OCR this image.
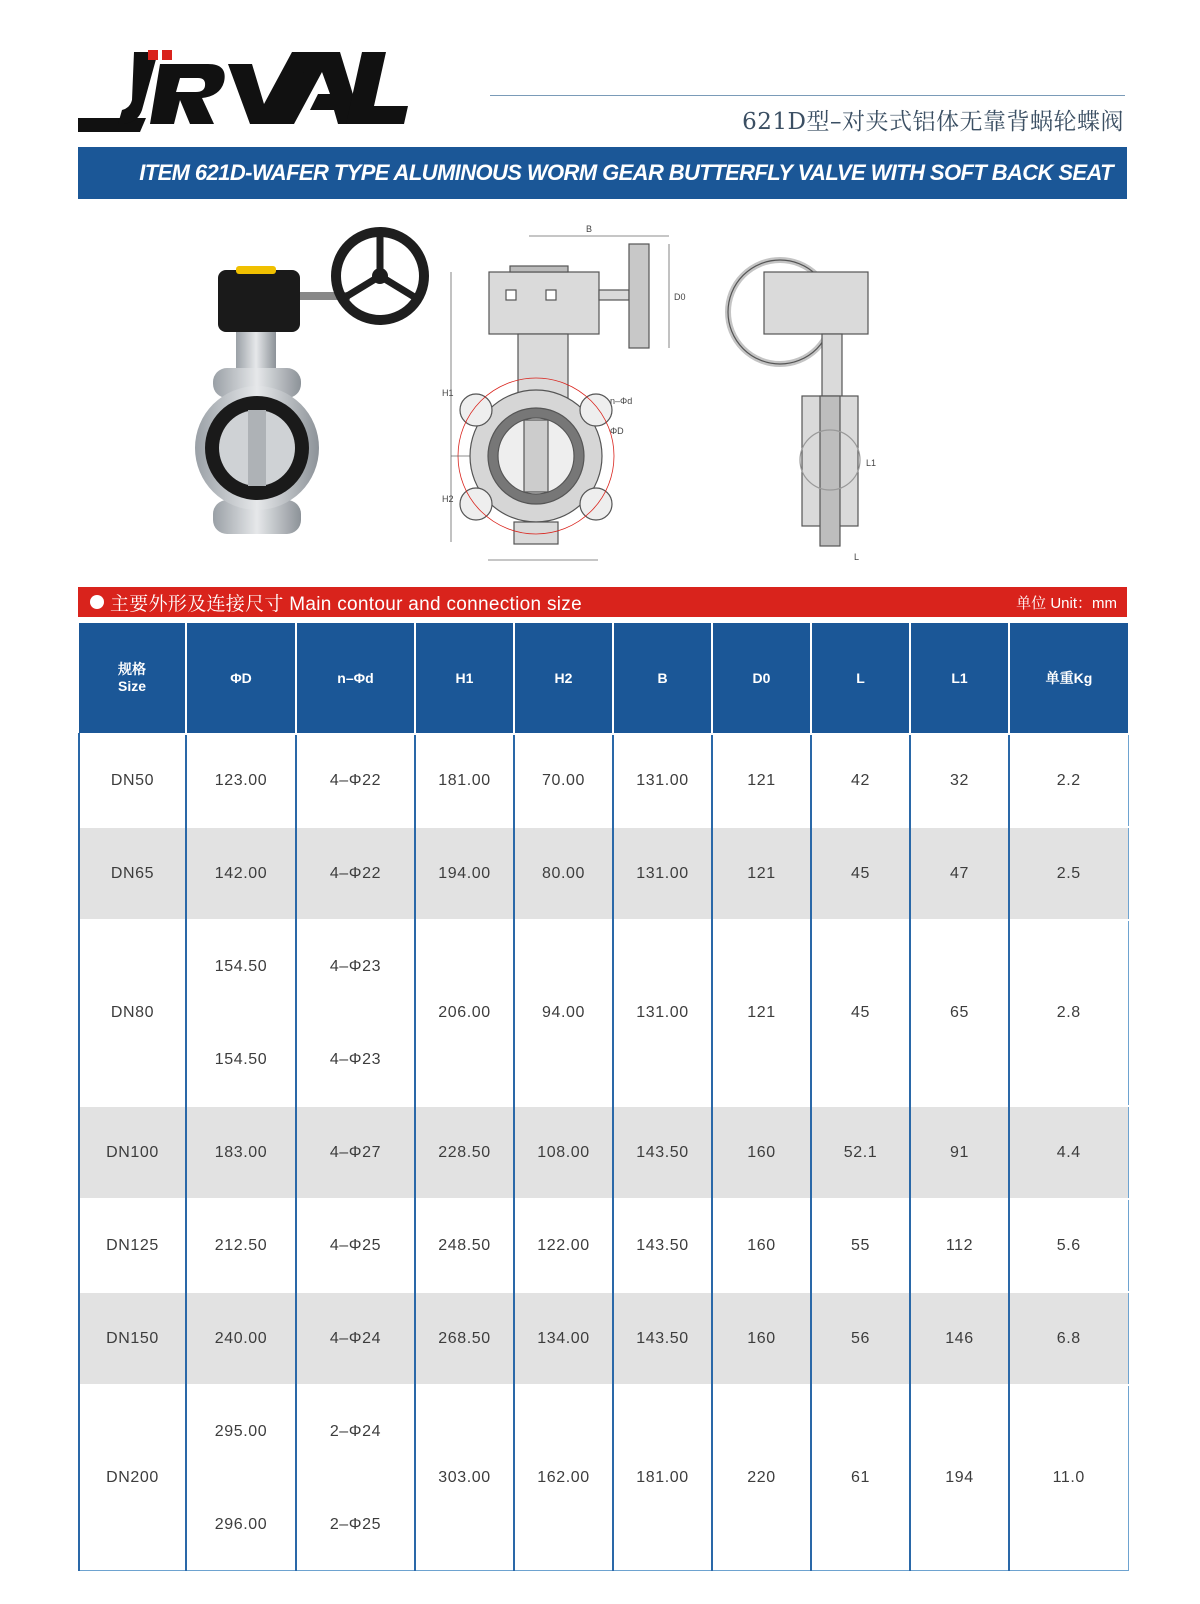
621D型–对夹式铝体无靠背蜗轮蝶阀
ITEM 621D-WAFER TYPE ALUMINOUS WORM GEAR BUTTERFLY VALVE WITH SOFT BACK SEAT
B
D0
H1
H2
n–Φd
ΦD
L
L1
主要外形及连接尺寸 Main contour and connection size	单位 Unit：mm
规格
Size	ΦD	n–Φd	H1	H2	B	D0	L	L1	单重Kg
DN50	123.00	4–Φ22	181.00	70.00	131.00	121	42	32	2.2
DN65	142.00	4–Φ22	194.00	80.00	131.00	121	45	47	2.5
DN80	154.50	4–Φ23	206.00	94.00	131.00	121	45	65	2.8
	154.50	4–Φ23							
DN100	183.00	4–Φ27	228.50	108.00	143.50	160	52.1	91	4.4
DN125	212.50	4–Φ25	248.50	122.00	143.50	160	55	112	5.6
DN150	240.00	4–Φ24	268.50	134.00	143.50	160	56	146	6.8
DN200	295.00	2–Φ24	303.00	162.00	181.00	220	61	194	11.0
	296.00	2–Φ25							
